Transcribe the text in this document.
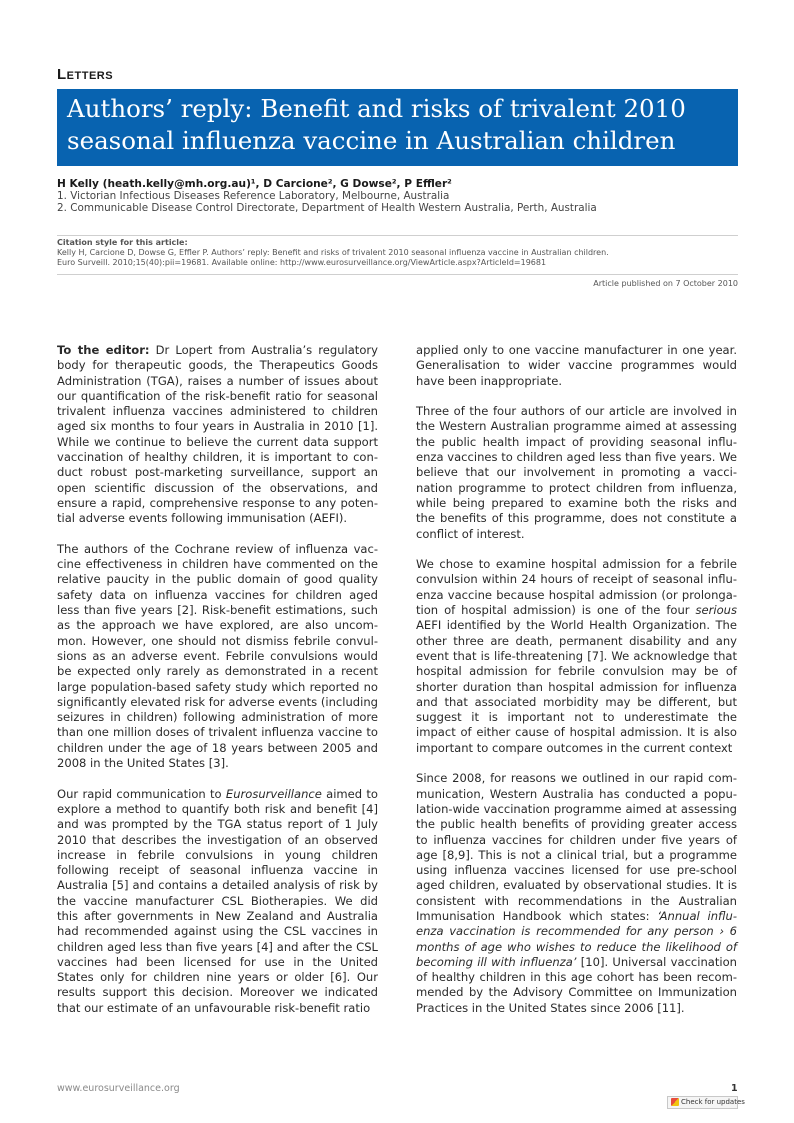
Letters

Authors’ reply: Benefit and risks of trivalent 2010

seasonal influenza vaccine in Australian children

H Kelly (heath.kelly@mh.org.au)¹, D Carcione², G Dowse², P Effler²
1. Victorian Infectious Diseases Reference Laboratory, Melbourne, Australia
2. Communicable Disease Control Directorate, Department of Health Western Australia, Perth, Australia
Citation style for this article:
Kelly H, Carcione D, Dowse G, Effler P. Authors’ reply: Benefit and risks of trivalent 2010 seasonal influenza vaccine in Australian children.
Euro Surveill. 2010;15(40):pii=19681. Available online: http://www.eurosurveillance.org/ViewArticle.aspx?ArticleId=19681
Article published on 7 October 2010

To the editor: Dr Lopert from Australia’s regulatory body for therapeutic goods, the Therapeutics Goods Administration (TGA), raises a number of issues about our quantification of the risk-benefit ratio for seasonal trivalent influenza vaccines administered to children aged six months to four years in Australia in 2010 [1]. While we continue to believe the current data support vaccination of healthy children, it is important to conduct robust post-marketing surveillance, support an open scientific discussion of the observations, and ensure a rapid, comprehensive response to any potential adverse events following immunisation (AEFI).

The authors of the Cochrane review of influenza vaccine effectiveness in children have commented on the relative paucity in the public domain of good quality safety data on influenza vaccines for children aged less than five years [2]. Risk-benefit estimations, such as the approach we have explored, are also uncommon. However, one should not dismiss febrile convulsions as an adverse event. Febrile convulsions would be expected only rarely as demonstrated in a recent large population-based safety study which reported no significantly elevated risk for adverse events (including seizures in children) following administration of more than one million doses of trivalent influenza vaccine to children under the age of 18 years between 2005 and 2008 in the United States [3].

Our rapid communication to Eurosurveillance aimed to explore a method to quantify both risk and benefit [4] and was prompted by the TGA status report of 1 July 2010 that describes the investigation of an observed increase in febrile convulsions in young children following receipt of seasonal influenza vaccine in Australia [5] and contains a detailed analysis of risk by the vaccine manufacturer CSL Biotherapies. We did this after governments in New Zealand and Australia had recommended against using the CSL vaccines in children aged less than five years [4] and after the CSL vaccines had been licensed for use in the United States only for children nine years or older [6]. Our results support this decision. Moreover we indicated that our estimate of an unfavourable risk-benefit ratio

applied only to one vaccine manufacturer in one year. Generalisation to wider vaccine programmes would have been inappropriate.

Three of the four authors of our article are involved in the Western Australian programme aimed at assessing the public health impact of providing seasonal influenza vaccines to children aged less than five years. We believe that our involvement in promoting a vaccination programme to protect children from influenza, while being prepared to examine both the risks and the benefits of this programme, does not constitute a conflict of interest.

We chose to examine hospital admission for a febrile convulsion within 24 hours of receipt of seasonal influenza vaccine because hospital admission (or prolongation of hospital admission) is one of the four serious AEFI identified by the World Health Organization. The other three are death, permanent disability and any event that is life-threatening [7]. We acknowledge that hospital admission for febrile convulsion may be of shorter duration than hospital admission for influenza and that associated morbidity may be different, but suggest it is important not to underestimate the impact of either cause of hospital admission. It is also important to compare outcomes in the current context

Since 2008, for reasons we outlined in our rapid communication, Western Australia has conducted a population-wide vaccination programme aimed at assessing the public health benefits of providing greater access to influenza vaccines for children under five years of age [8,9]. This is not a clinical trial, but a programme using influenza vaccines licensed for use pre-school aged children, evaluated by observational studies. It is consistent with recommendations in the Australian Immunisation Handbook which states: ‘Annual influenza vaccination is recommended for any person › 6 months of age who wishes to reduce the likelihood of becoming ill with influenza’ [10]. Universal vaccination of healthy children in this age cohort has been recommended by the Advisory Committee on Immunization Practices in the United States since 2006 [11].

www.eurosurveillance.org	1
Check for updates
